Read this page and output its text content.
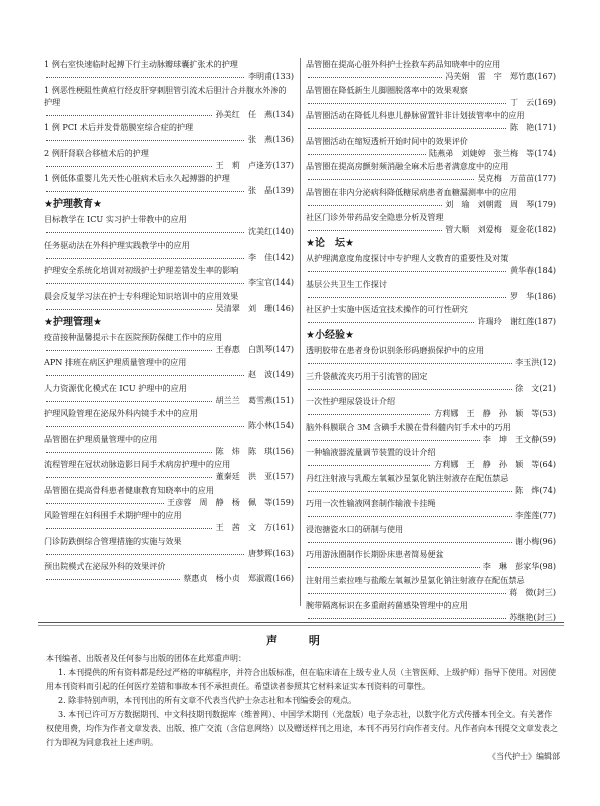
1 例右室快速临时起搏下行主动脉瓣球囊扩张术的护理
李明甫(133)
1 例恶性梗阻性黄疸行经皮肝穿刺胆管引流术后胆汁合并腹水外渗的护理
孙美红　任　燕(134)
1 例 PCI 术后并发骨筋膜室综合症的护理
张　燕(136)
2 例肝肾联合移植术后的护理
王　莉　卢逢芳(137)
1 例低体重婴儿先天性心脏病术后永久起搏器的护理
张　晶(139)
★护理教育★
目标教学在 ICU 实习护士带教中的应用
沈美红(140)
任务驱动法在外科护理实践教学中的应用
李　佳(142)
护理安全系统化培训对初级护士护理差错发生率的影响
李宝官(144)
晨会反复学习法在护士专科理论知识培训中的应用效果
吴清翠　刘　珊(146)
★护理管理★
疫苗接种温馨提示卡在医院预防保健工作中的应用
王春惠　白凯琴(147)
APN 排班在病区护理质量管理中的应用
赵　波(149)
人力资源优化模式在 ICU 护理中的应用
胡兰兰　葛雪燕(151)
护理风险管理在泌尿外科内镜手术中的应用
陈小林(154)
品管圈在护理质量管理中的应用
陈　炜　陈　琪(156)
流程管理在冠状动脉造影日间手术病房护理中的应用
董秦廷　洪　亚(157)
品管圈在提高骨科患者健康教育知晓率中的应用
王彦蓉　周　静　杨　佩　等(159)
风险管理在妇科围手术期护理中的应用
王　茜　文　方(161)
门诊防跌倒综合管理措施的实施与效果
唐梦辉(163)
预出院模式在泌尿外科的效果评价
蔡惠贞　杨小贞　郑淑霞(166)
品管圈在提高心脏外科护士拴救车药品知晓率中的应用
冯芙娟　雷　宇　郑竹惠(167)
品管圈在降低新生儿脚圈脱落率中的效果观察
丁　云(169)
品管圈活动在降低儿科患儿静脉留置针非计划拔管率中的应用
陈　艳(171)
品管圈活动在缩短透析开始时间中的效果评价
陆燕弟　刘婕婷　张兰梅　等(174)
品管圈在提高房颤射频消融全麻术后患者满意度中的应用
吴克梅　万苗苗(177)
品管圈在非内分泌病科降低糖尿病患者血糖漏测率中的应用
刘　瑜　刘朝霞　周　琴(179)
社区门诊外带药品安全隐患分析及管理
管大顺　刘爱梅　夏金花(182)
★论　坛★
从护理满意度角度探讨中专护理人文教育的重要性及对策
黄华春(184)
基层公共卫生工作探讨
罗　华(186)
社区护士实施中医适宜技术操作的可行性研究
许瑞玲　谢红莲(187)
★小经验★
透明胶带在患者身份识别条形码磨损保护中的应用
李玉洪(12)
三升袋截流夹巧用于引流管的固定
徐　文(21)
一次性护理尿袋设计介绍
方莉娜　王　静　孙　颖　等(53)
脑外科膜联合 3M 含碘手术膜在骨科髓内钉手术中的巧用
李　坤　王文静(59)
一种输液器流量调节装置的设计介绍
方莉娜　王　静　孙　颖　等(64)
丹红注射液与乳酸左氧氟沙星氯化钠注射液存在配伍禁忌
陈　烨(74)
巧用一次性输液网套制作输液卡挂绳
李莲莲(77)
浸泡搪瓷水口的研制与使用
谢小梅(96)
巧用游泳圈制作长期卧床患者简易便盆
李　琳　彭家华(98)
注射用兰索拉唑与盐酸左氧氟沙星氯化钠注射液存在配伍禁忌
蒋　微(封三)
腕带隔离标识在多重耐药菌感染管理中的应用
苏继艳(封三)
声 明

本刊编者、出版者及任何参与出版的团体在此郑重声明：

1. 本刊提供的所有资料都是经过严格的审稿程序，并符合出版标准，但在临床请在上级专业人员（主管医师、上级护师）指导下使用。对因使用本刊资料而引起的任何医疗差错和事故本刊不承担责任。希望读者参照其它材料来证实本刊资料的可靠性。

2. 除非特别声明，本刊刊出的所有文章不代表当代护士杂志社和本刊编委会的观点。

3. 本刊已许可万方数据期刊、中文科技期刊数据库（维普网）、中国学术期刊（光盘版）电子杂志社，以数字化方式传播本刊全文。有关著作权使用费，均作为作者文章发表、出版、推广交流（含信息网络）以及赠送样刊之用途，本刊不再另行向作者支付。凡作者向本刊提交文章发表之行为即视为同意我社上述声明。

《当代护士》编辑部
